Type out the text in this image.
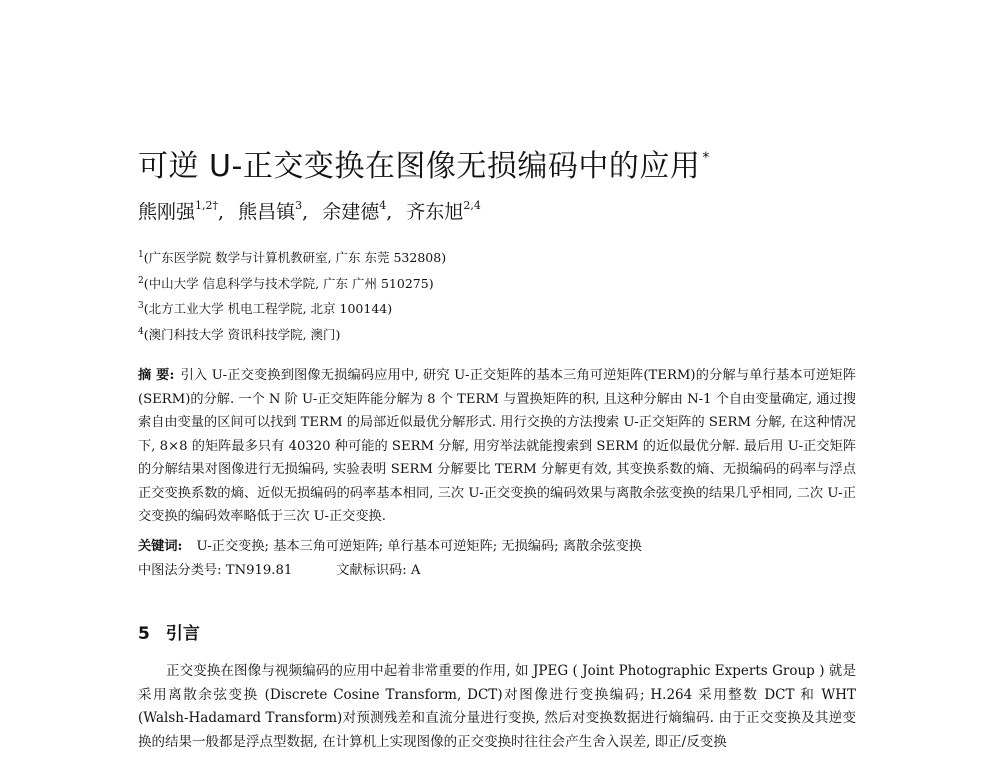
可逆 U-正交变换在图像无损编码中的应用 *
熊刚强$^{1,2\dagger}$, 熊昌镇$^3$, 余建德$^4$, 齐东旭$^{2,4}$
$^1$(广东医学院 数学与计算机教研室, 广东 东莞 532808)
$^2$(中山大学 信息科学与技术学院, 广东 广州 510275)
$^3$(北方工业大学 机电工程学院, 北京 100144)
$^4$(澳门科技大学 资讯科技学院, 澳门)
摘 要: 引入 U-正交变换到图像无损编码应用中, 研究 U-正交矩阵的基本三角可逆矩阵(TERM)的分解与单行基本可逆矩阵(SERM)的分解. 一个 N 阶 U-正交矩阵能分解为 8 个 TERM 与置换矩阵的积, 且这种分解由 N-1 个自由变量确定, 通过搜索自由变量的区间可以找到 TERM 的局部近似最优分解形式. 用行交换的方法搜索 U-正交矩阵的 SERM 分解, 在这种情况下, 8×8 的矩阵最多只有 40320 种可能的 SERM 分解, 用穷举法就能搜索到 SERM 的近似最优分解. 最后用 U-正交矩阵的分解结果对图像进行无损编码, 实验表明 SERM 分解要比 TERM 分解更有效, 其变换系数的熵、无损编码的码率与浮点正交变换系数的熵、近似无损编码的码率基本相同, 三次 U-正交变换的编码效果与离散余弦变换的结果几乎相同, 二次 U-正交变换的编码效率略低于三次 U-正交变换.
关键词: U-正交变换; 基本三角可逆矩阵; 单行基本可逆矩阵; 无损编码; 离散余弦变换
中图法分类号: TN919.81	文献标识码: A
5 引言
正交变换在图像与视频编码的应用中起着非常重要的作用, 如 JPEG ( Joint Photographic Experts Group ) 就是采用离散余弦变换 (Discrete Cosine Transform, DCT)对图像进行变换编码; H.264 采用整数 DCT 和 WHT (Walsh-Hadamard Transform)对预测残差和直流分量进行变换, 然后对变换数据进行熵编码. 由于正交变换及其逆变换的结果一般都是浮点型数据, 在计算机上实现图像的正交变换时往往会产生舍入误差, 即正/反变换
